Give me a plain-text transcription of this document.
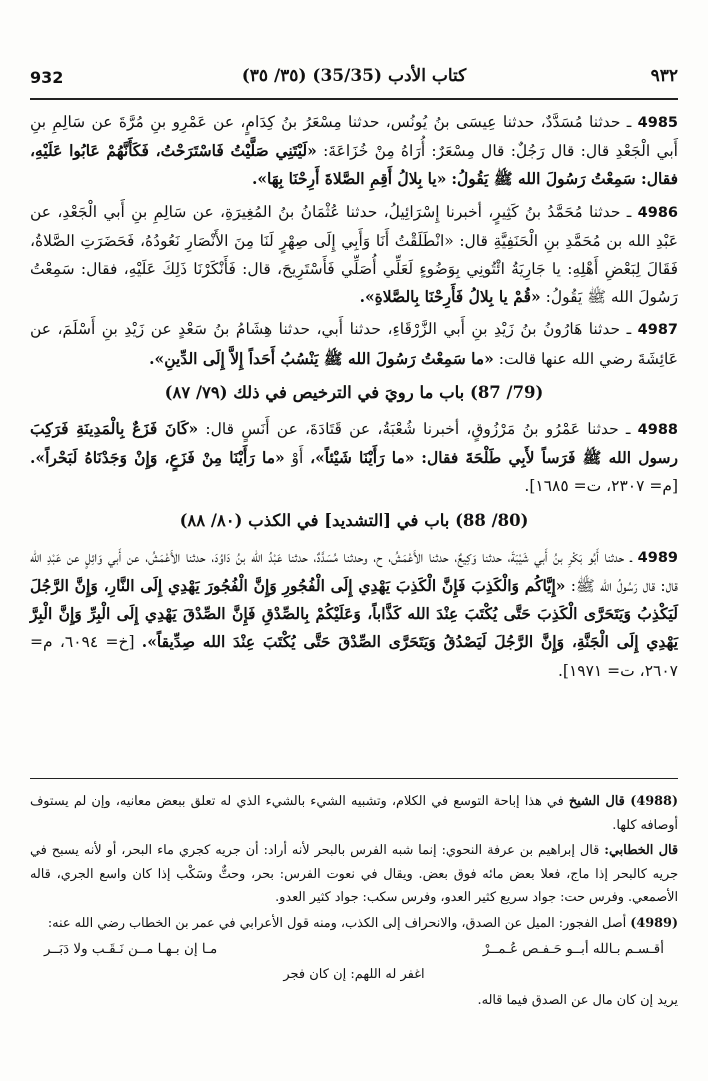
932	كتاب الأدب (35/35) (٣٥/ ٣٥)	٩٣٢

4985 ـ حدثنا مُسَدَّدٌ، حدثنا عِيسَى بنُ يُونُس، حدثنا مِسْعَرُ بنُ كِدَامٍ، عن عَمْرِو بنِ مُرَّةَ عن سَالِمِ بنِ أَبي الْجَعْدِ قال: قال رَجُلٌ: قال مِسْعَرٌ: أُرَاهُ مِنْ خُزَاعَةَ: «لَيْتَنِي صَلَّيْتُ فَاسْتَرَحْتُ، فَكَأَنَّهُمْ عَابُوا عَلَيْهِ، فقال: سَمِعْتُ رَسُولَ الله ﷺ يَقُولُ: «يا بِلالُ أَقِمِ الصَّلاةَ أَرِحْنَا بِهَا».

4986 ـ حدثنا مُحَمَّدُ بنُ كَثِيرٍ، أخبرنا إِسْرَائِيلُ، حدثنا عُثْمَانُ بنُ المُغِيرَةِ، عن سَالِمِ بنِ أَبي الْجَعْدِ، عن عَبْدِ الله بن مُحَمَّدِ بنِ الْحَنَفِيَّةِ قال: «انْطَلَقْتُ أَنَا وَأَبِي إِلَى صِهْرٍ لَنَا مِنَ الأَنْصَارِ نَعُودُهُ، فَحَضَرَتِ الصَّلاةُ، فَقَالَ لِبَعْضِ أَهْلِهِ: يا جَارِيَةُ ائْتُونِي بِوَضُوءٍ لَعَلِّي أُصَلِّي فَأَسْتَرِيحَ، قال: فَأَنْكَرْنَا ذَلِكَ عَلَيْهِ، فقال: سَمِعْتُ رَسُولَ الله ﷺ يَقُولُ: «قُمْ يا بِلالُ فَأَرِحْنَا بِالصَّلاةِ».

4987 ـ حدثنا هَارُونُ بنُ زَيْدِ بنِ أَبي الزَّرْقَاءِ، حدثنا أَبي، حدثنا هِشَامُ بنُ سَعْدٍ عن زَيْدِ بنِ أَسْلَمَ، عن عَائِشَةَ رضي الله عنها قالت: «ما سَمِعْتُ رَسُولَ الله ﷺ يَنْسُبُ أَحَداً إِلاَّ إِلَى الدِّينِ».

(79/ 87) باب ما رويَ في الترخيص في ذلك (٧٩/ ٨٧)

4988 ـ حدثنا عَمْرُو بنُ مَرْزُوقٍ، أخبرنا شُعْبَةُ، عن قَتَادَةَ، عن أَنَسٍ قال: «كَانَ فَزَعٌ بِالْمَدِينَةِ فَرَكِبَ رسول الله ﷺ فَرَساً لأَبِي طَلْحَةَ فقال: «ما رَأَيْنَا شَيْئاً»، أَوْ «ما رَأَيْنَا مِنْ فَزَعٍ، وَإِنْ وَجَدْنَاهُ لَبَحْراً». [م= ٢٣٠٧، ت= ١٦٨٥].

(80/ 88) باب في [التشديد] في الكذب (٨٠/ ٨٨)

4989 ـ حدثنا أَبُو بَكْرِ بنُ أَبي شَيْبَةَ، حدثنا وَكِيعٌ، حدثنا الأَعْمَشُ، ح، وحدثنا مُسَدَّدٌ، حدثنا عَبْدُ الله بنُ دَاوُدَ، حدثنا الأَعْمَشُ، عن أَبي وَائِلٍ عن عَبْدِ الله قال: قال رَسُولُ الله ﷺ: «إِيَّاكُم وَالْكَذِبَ فَإِنَّ الْكَذِبَ يَهْدِي إِلَى الْفُجُورِ وَإِنَّ الْفُجُورَ يَهْدِي إِلَى النَّارِ، وَإِنَّ الرَّجُلَ لَيَكْذِبُ وَيَتَحَرَّى الْكَذِبَ حَتَّى يُكْتَبَ عِنْدَ الله كَذَّاباً، وَعَلَيْكُمْ بِالصِّدْقِ فَإِنَّ الصِّدْقَ يَهْدِي إِلَى الْبِرِّ وَإِنَّ الْبِرَّ يَهْدِي إِلَى الْجَنَّةِ، وَإِنَّ الرَّجُلَ لَيَصْدُقُ وَيَتَحَرَّى الصِّدْقَ حَتَّى يُكْتَبَ عِنْدَ الله صِدِّيقاً». [خ= ٦٠٩٤، م= ٢٦٠٧، ت= ١٩٧١].

(4988) قال الشيخ في هذا إباحة التوسع في الكلام، وتشبيه الشيء بالشيء الذي له تعلق ببعض معانيه، وإن لم يستوف أوصافه كلها.

قال الخطابي: قال إبراهيم بن عرفة النحوي: إنما شبه الفرس بالبحر لأنه أراد: أن جريه كجري ماء البحر، أو لأنه يسبح في جريه كالبحر إذا ماج، فعلا بعض مائه فوق بعض. ويقال في نعوت الفرس: بحر، وحتٌّ وسَكْب إذا كان واسع الجري، قاله الأصمعي. وفرس حت: جواد سريع كثير العدو، وفرس سكب: جواد كثير العدو.

(4989) أصل الفجور: الميل عن الصدق، والانحراف إلى الكذب، ومنه قول الأعرابي في عمر بن الخطاب رضي الله عنه:

أقـسـم بـالله أبــو حَـفـص عُـمــرْ
مـا إن بـهـا مــن نَـقَـب ولا دَبَــر

اغفر له اللهم: إن كان فجر

يريد إن كان مال عن الصدق فيما قاله.
